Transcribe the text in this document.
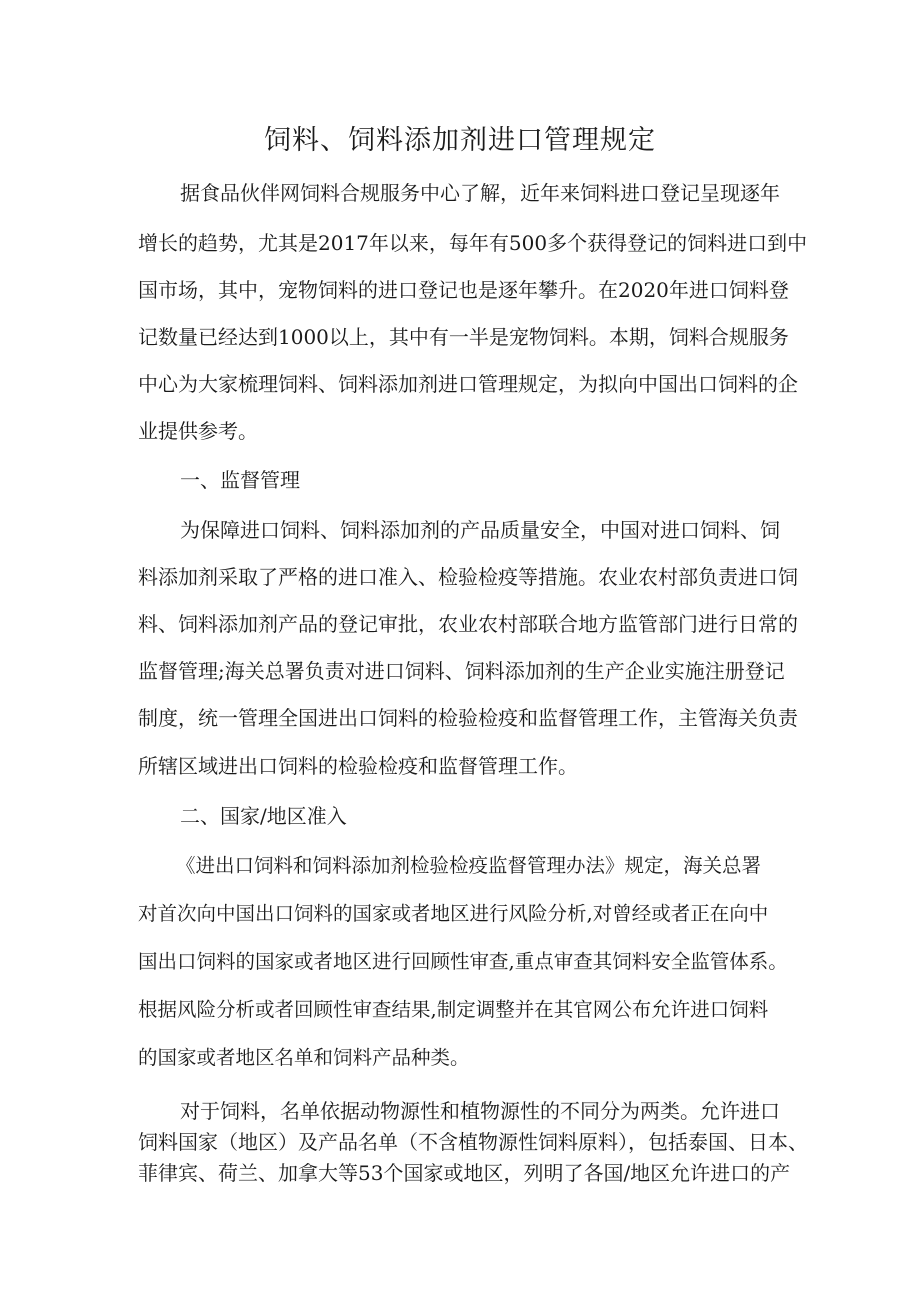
饲料、饲料添加剂进口管理规定

据食品伙伴网饲料合规服务中心了解，近年来饲料进口登记呈现逐年

增长的趋势，尤其是2017年以来，每年有500多个获得登记的饲料进口到中

国市场，其中，宠物饲料的进口登记也是逐年攀升。在2020年进口饲料登

记数量已经达到1000以上，其中有一半是宠物饲料。本期，饲料合规服务

中心为大家梳理饲料、饲料添加剂进口管理规定，为拟向中国出口饲料的企

业提供参考。

一、监督管理

为保障进口饲料、饲料添加剂的产品质量安全，中国对进口饲料、饲

料添加剂采取了严格的进口准入、检验检疫等措施。农业农村部负责进口饲

料、饲料添加剂产品的登记审批，农业农村部联合地方监管部门进行日常的

监督管理;海关总署负责对进口饲料、饲料添加剂的生产企业实施注册登记

制度，统一管理全国进出口饲料的检验检疫和监督管理工作，主管海关负责

所辖区域进出口饲料的检验检疫和监督管理工作。

二、国家/地区准入

《进出口饲料和饲料添加剂检验检疫监督管理办法》规定，海关总署

对首次向中国出口饲料的国家或者地区进行风险分析,对曾经或者正在向中

国出口饲料的国家或者地区进行回顾性审查,重点审查其饲料安全监管体系。

根据风险分析或者回顾性审查结果,制定调整并在其官网公布允许进口饲料

的国家或者地区名单和饲料产品种类。

对于饲料，名单依据动物源性和植物源性的不同分为两类。允许进口

饲料国家（地区）及产品名单（不含植物源性饲料原料），包括泰国、日本、

菲律宾、荷兰、加拿大等53个国家或地区，列明了各国/地区允许进口的产
